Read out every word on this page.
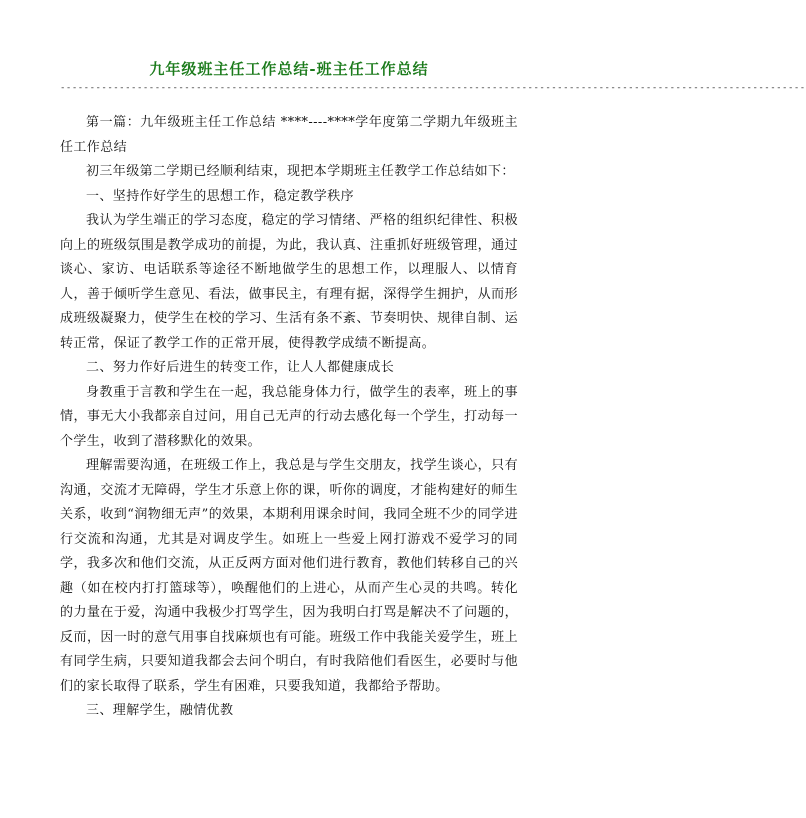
九年级班主任工作总结-班主任工作总结
------------------------------------------------------------------------------------------------------------------------------

第一篇：九年级班主任工作总结 ****----****学年度第二学期九年级班主任工作总结

初三年级第二学期已经顺利结束，现把本学期班主任教学工作总结如下：

一、坚持作好学生的思想工作，稳定教学秩序

我认为学生端正的学习态度，稳定的学习情绪、严格的组织纪律性、积极向上的班级氛围是教学成功的前提，为此，我认真、注重抓好班级管理，通过谈心、家访、电话联系等途径不断地做学生的思想工作，以理服人、以情育人，善于倾听学生意见、看法，做事民主，有理有据，深得学生拥护，从而形成班级凝聚力，使学生在校的学习、生活有条不紊、节奏明快、规律自制、运转正常，保证了教学工作的正常开展，使得教学成绩不断提高。

二、努力作好后进生的转变工作，让人人都健康成长

身教重于言教和学生在一起，我总能身体力行，做学生的表率，班上的事情，事无大小我都亲自过问，用自己无声的行动去感化每一个学生，打动每一个学生，收到了潜移默化的效果。

理解需要沟通，在班级工作上，我总是与学生交朋友，找学生谈心，只有沟通，交流才无障碍，学生才乐意上你的课，听你的调度，才能构建好的师生关系，收到“润物细无声”的效果，本期利用课余时间，我同全班不少的同学进行交流和沟通，尤其是对调皮学生。如班上一些爱上网打游戏不爱学习的同学，我多次和他们交流，从正反两方面对他们进行教育，教他们转移自己的兴趣（如在校内打打篮球等），唤醒他们的上进心，从而产生心灵的共鸣。转化的力量在于爱，沟通中我极少打骂学生，因为我明白打骂是解决不了问题的，反而，因一时的意气用事自找麻烦也有可能。班级工作中我能关爱学生，班上有同学生病，只要知道我都会去问个明白，有时我陪他们看医生，必要时与他们的家长取得了联系，学生有困难，只要我知道，我都给予帮助。

三、理解学生，融情优教
